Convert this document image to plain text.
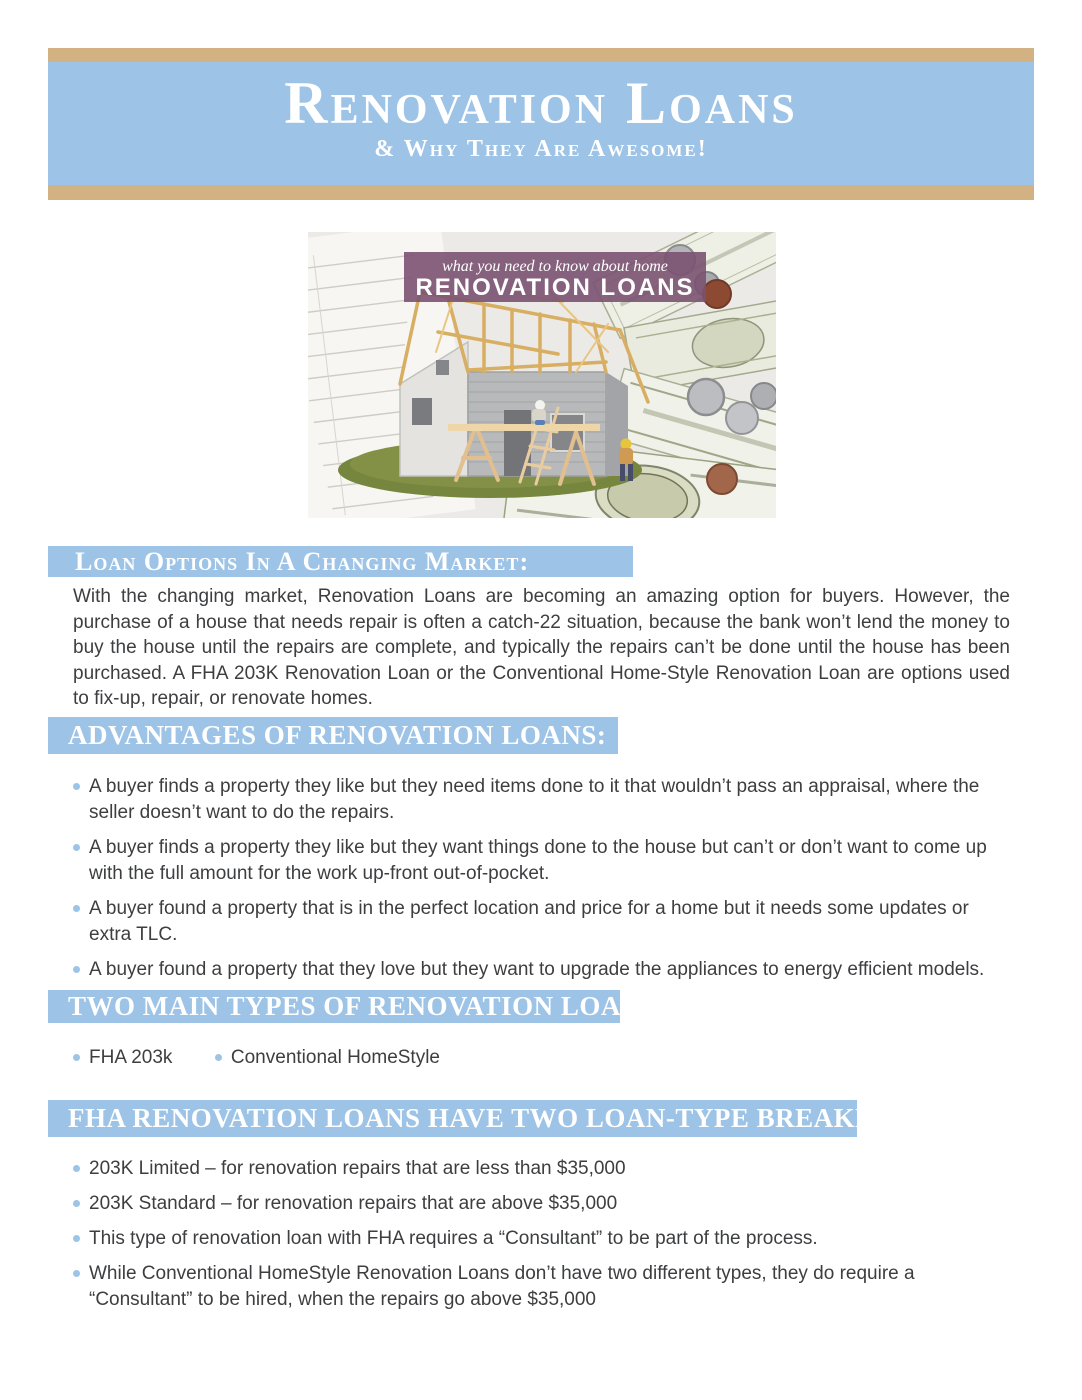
Renovation Loans
& Why They Are Awesome!
what you need to know about home
RENOVATION LOANS
Loan Options In A Changing Market:
With the changing market, Renovation Loans are becoming an amazing option for buyers. However, the purchase of a house that needs repair is often a catch-22 situation, because the bank won’t lend the money to buy the house until the repairs are complete, and typically the repairs can’t be done until the house has been purchased. A FHA 203K Renovation Loan or the Conventional Home-Style Renovation Loan are options used to fix-up, repair, or renovate homes.
ADVANTAGES OF RENOVATION LOANS:
A buyer finds a property they like but they need items done to it that wouldn’t pass an appraisal, where the seller doesn’t want to do the repairs.
A buyer finds a property they like but they want things done to the house but can’t or don’t want to come up with the full amount for the work up-front out-of-pocket.
A buyer found a property that is in the perfect location and price for a home but it needs some updates or extra TLC.
A buyer found a property that they love but they want to upgrade the appliances to energy efficient models.
TWO MAIN TYPES OF RENOVATION LOANS:
FHA 203k	Conventional HomeStyle
FHA RENOVATION LOANS HAVE TWO LOAN-TYPE BREAKDOWNS:
203K Limited – for renovation repairs that are less than $35,000
203K Standard – for renovation repairs that are above $35,000
This type of renovation loan with FHA requires a “Consultant” to be part of the process.
While Conventional HomeStyle Renovation Loans don’t have two different types, they do require a “Consultant” to be hired, when the repairs go above $35,000
